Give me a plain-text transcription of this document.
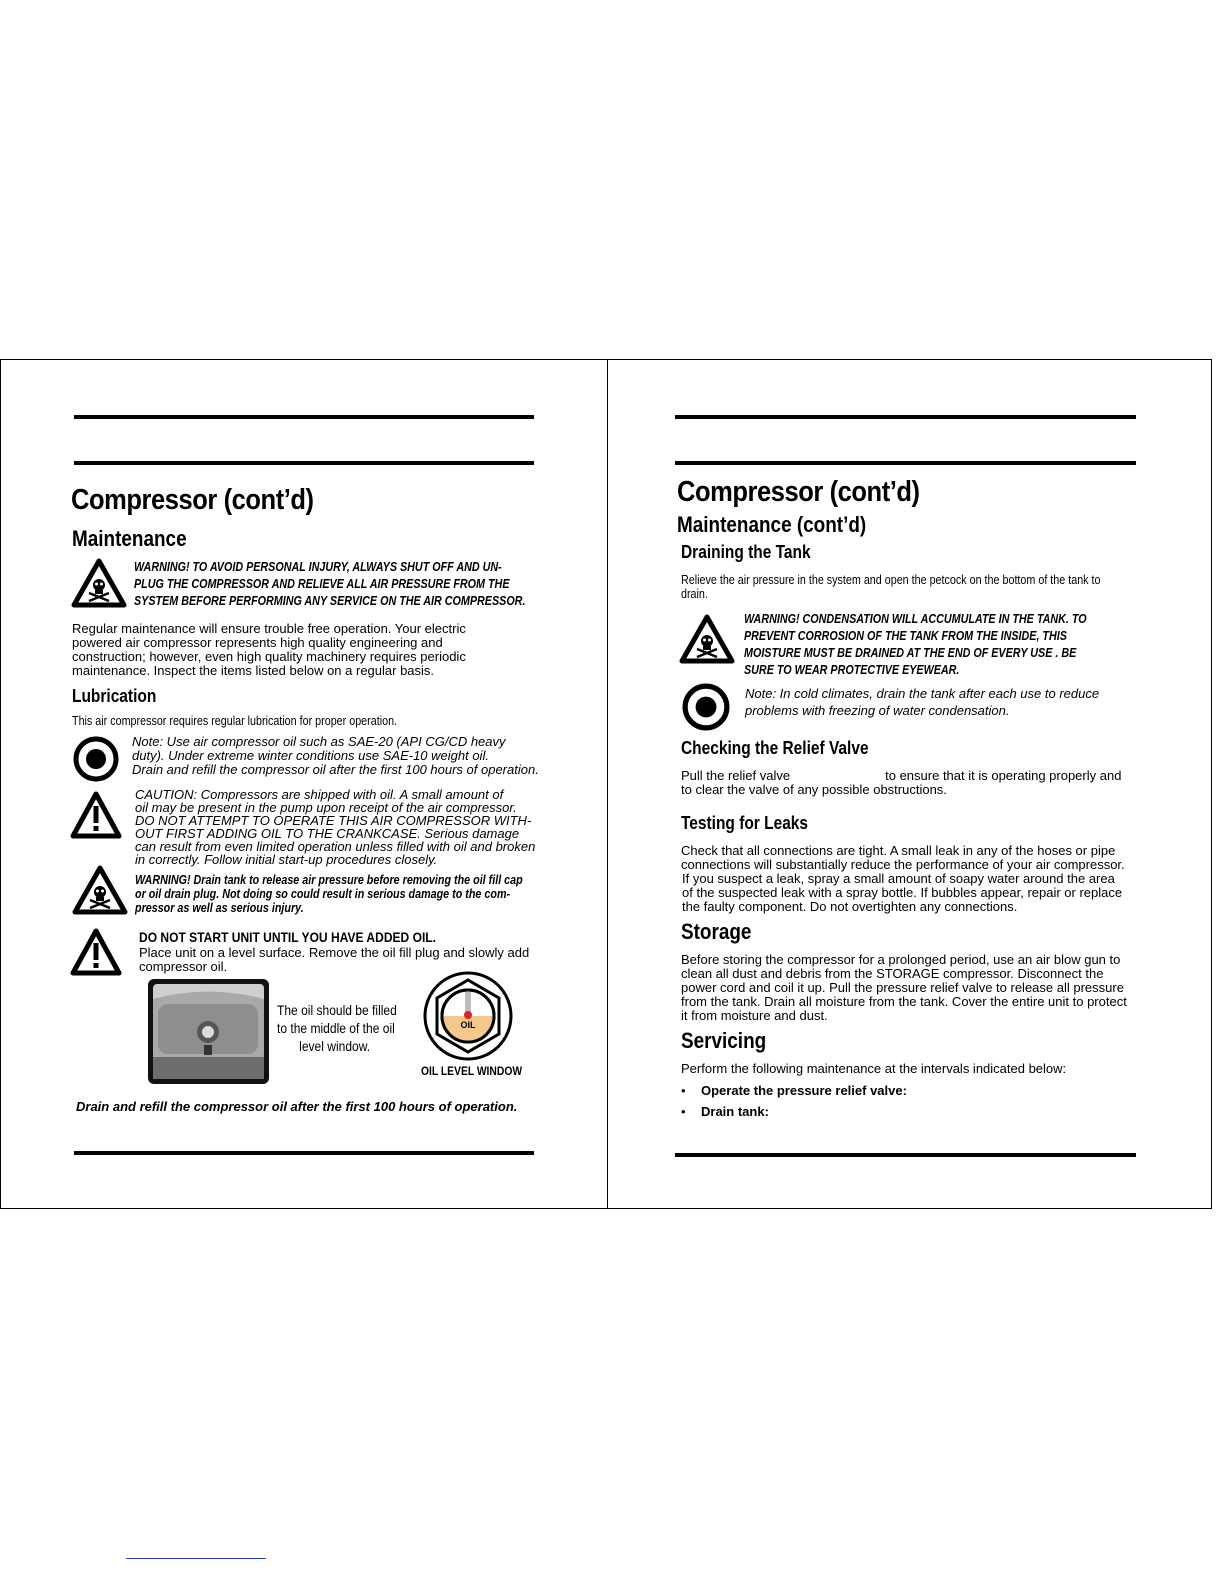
Compressor (cont’d)
Maintenance
WARNING! TO AVOID PERSONAL INJURY, ALWAYS SHUT OFF AND UN-
PLUG THE COMPRESSOR AND RELIEVE ALL AIR PRESSURE FROM THE
SYSTEM BEFORE PERFORMING ANY SERVICE ON THE AIR COMPRESSOR.
Regular maintenance will ensure trouble free operation. Your electric
powered air compressor represents high quality engineering and
construction; however, even high quality machinery requires periodic
maintenance. Inspect the items listed below on a regular basis.
Lubrication
This air compressor requires regular lubrication for proper operation.
Note: Use air compressor oil such as SAE-20 (API CG/CD heavy
duty). Under extreme winter conditions use SAE-10 weight oil.
Drain and refill the compressor oil after the first 100 hours of operation.
CAUTION: Compressors are shipped with oil. A small amount of
oil may be present in the pump upon receipt of the air compressor.
DO NOT ATTEMPT TO OPERATE THIS AIR COMPRESSOR WITH-
OUT FIRST ADDING OIL TO THE CRANKCASE. Serious damage
can result from even limited operation unless filled with oil and broken
in correctly. Follow initial start-up procedures closely.
WARNING! Drain tank to release air pressure before removing the oil fill cap
or oil drain plug. Not doing so could result in serious damage to the com-
pressor as well as serious injury.
DO NOT START UNIT UNTIL YOU HAVE ADDED OIL.
Place unit on a level surface. Remove the oil fill plug and slowly add
compressor oil.
The oil should be filled
to the middle of the oil
level window.
OIL
OIL LEVEL WINDOW
Drain and refill the compressor oil after the first 100 hours of operation.
Compressor (cont’d)
Maintenance (cont’d)
Draining the Tank
Relieve the air pressure in the system and open the petcock on the bottom of the tank to
drain.
WARNING! CONDENSATION WILL ACCUMULATE IN THE TANK. TO
PREVENT CORROSION OF THE TANK FROM THE INSIDE, THIS
MOISTURE MUST BE DRAINED AT THE END OF EVERY USE . BE
SURE TO WEAR PROTECTIVE EYEWEAR.
Note: In cold climates, drain the tank after each use to reduce
problems with freezing of water condensation.
Checking the Relief Valve
Pull the relief valve	to ensure that it is operating properly and
to clear the valve of any possible obstructions.
Testing for Leaks
Check that all connections are tight. A small leak in any of the hoses or pipe
connections will substantially reduce the performance of your air compressor.
If you suspect a leak, spray a small amount of soapy water around the area
of the suspected leak with a spray bottle. If bubbles appear, repair or replace
the faulty component. Do not overtighten any connections.
Storage
Before storing the compressor for a prolonged period, use an air blow gun to
clean all dust and debris from the STORAGE compressor. Disconnect the
power cord and coil it up. Pull the pressure relief valve to release all pressure
from the tank. Drain all moisture from the tank. Cover the entire unit to protect
it from moisture and dust.
Servicing
Perform the following maintenance at the intervals indicated below:
• Operate the pressure relief valve:
• Drain tank:
